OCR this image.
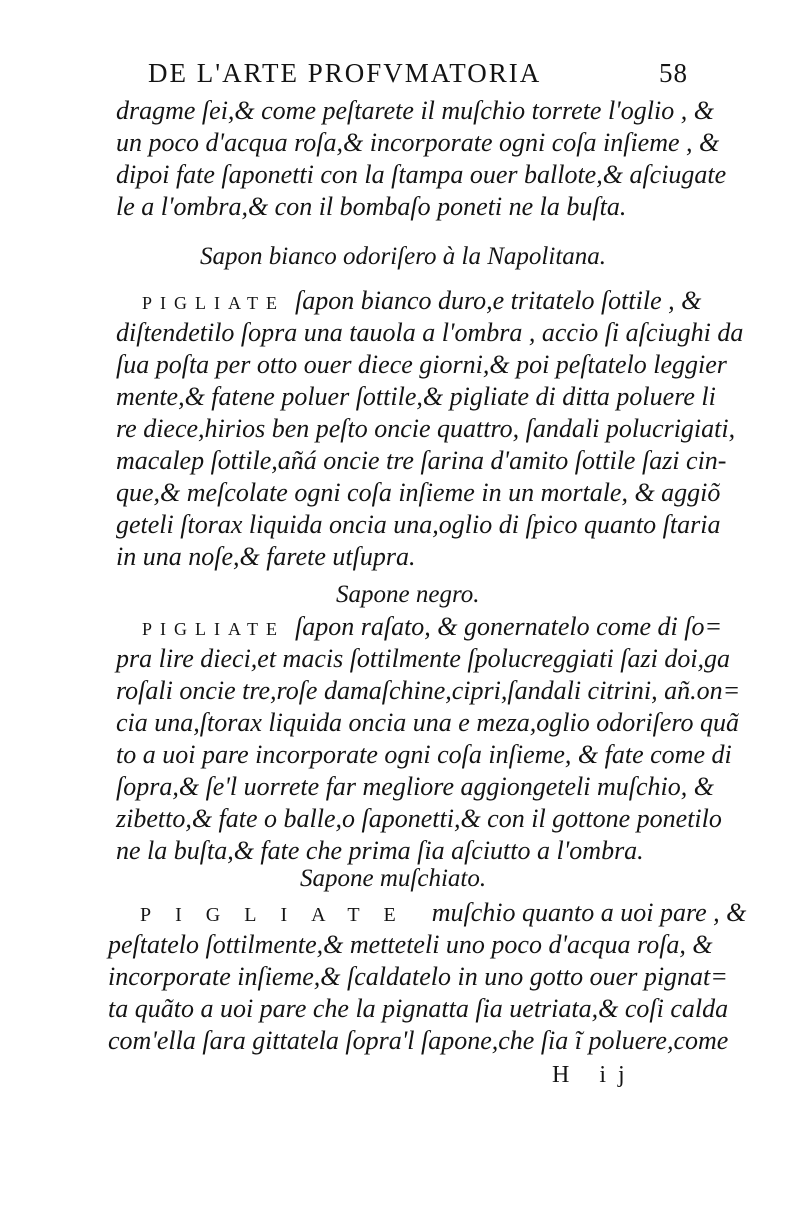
DE L'ARTE PROFVMATORIA	58
dragme ſei,& come peſtarete il muſchio torrete l'oglio , &
un poco d'acqua roſa,& incorporate ogni coſa inſieme , &
dipoi fate ſaponetti con la ſtampa ouer ballote,& aſciugate
le a l'ombra,& con il bombaſo poneti ne la buſta.
Sapon bianco odoriſero à la Napolitana.
PIGLIATE ſapon bianco duro,e tritatelo ſottile , &
diſtendetilo ſopra una tauola a l'ombra , accio ſi aſciughi da
ſua poſta per otto ouer diece giorni,& poi peſtatelo leggier
mente,& fatene poluer ſottile,& pigliate di ditta poluere li
re diece,hirios ben peſto oncie quattro, ſandali polucrigiati,
macalep ſottile,añá oncie tre ſarina d'amito ſottile ſazi cin-
que,& meſcolate ogni coſa inſieme in un mortale, & aggiõ
geteli ſtorax liquida oncia una,oglio di ſpico quanto ſtaria
in una noſe,& farete utſupra.
Sapone negro.
PIGLIATE ſapon raſato, & gonernatelo come di ſo=
pra lire dieci,et macis ſottilmente ſpolucreggiati ſazi doi,ga
roſali oncie tre,roſe damaſchine,cipri,ſandali citrini, añ.on=
cia una,ſtorax liquida oncia una e meza,oglio odoriſero quã
to a uoi pare incorporate ogni coſa inſieme, & fate come di
ſopra,& ſe'l uorrete far megliore aggiongeteli muſchio, &
zibetto,& fate o balle,o ſaponetti,& con il gottone ponetilo
ne la buſta,& fate che prima ſia aſciutto a l'ombra.
Sapone muſchiato.
PIGLIATE muſchio quanto a uoi pare , &
peſtatelo ſottilmente,& metteteli uno poco d'acqua roſa, &
incorporate inſieme,& ſcaldatelo in uno gotto ouer pignat=
ta quãto a uoi pare che la pignatta ſia uetriata,& coſi calda
com'ella ſara gittatela ſopra'l ſapone,che ſia ĩ poluere,come
H ij
